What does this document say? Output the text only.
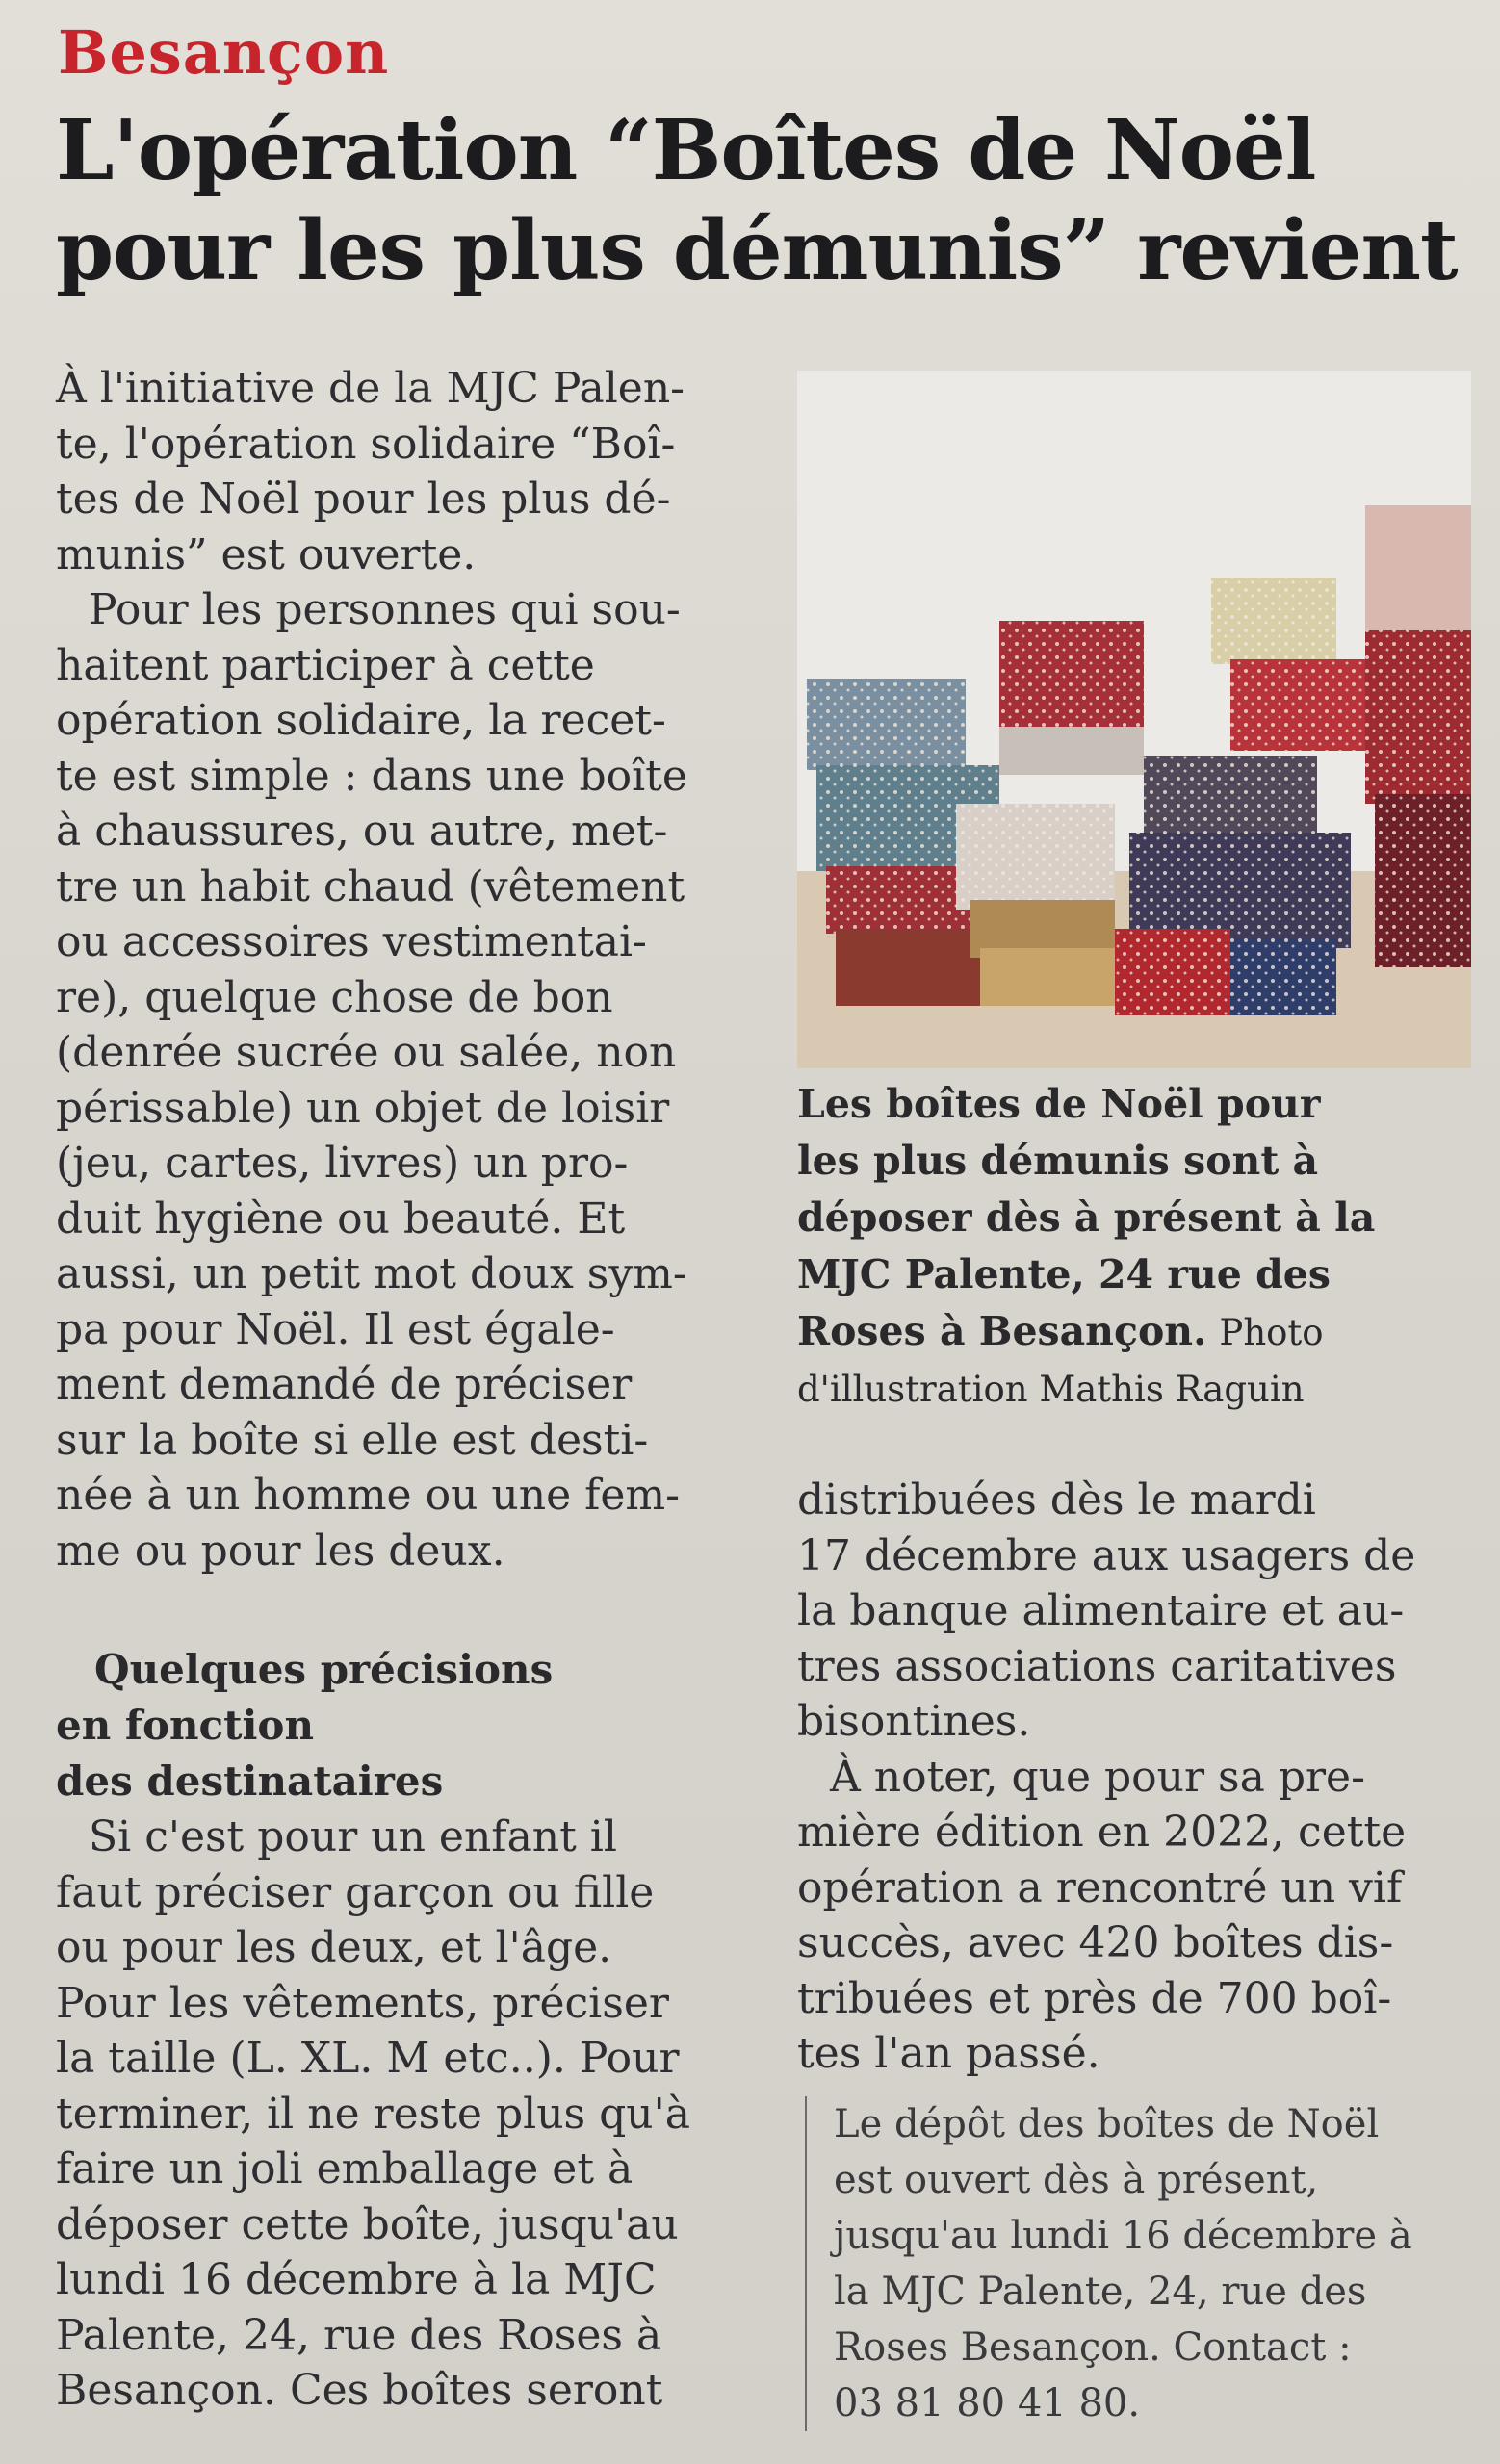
Besançon
L'opération “Boîtes de Noël
pour les plus démunis” revient

À l'initiative de la MJC Palen-
te, l'opération solidaire “Boî-
tes de Noël pour les plus dé-
munis” est ouverte.

Pour les personnes qui sou-
haitent participer à cette
opération solidaire, la recet-
te est simple : dans une boîte
à chaussures, ou autre, met-
tre un habit chaud (vêtement
ou accessoires vestimentai-
re), quelque chose de bon
(denrée sucrée ou salée, non
périssable) un objet de loisir
(jeu, cartes, livres) un pro-
duit hygiène ou beauté. Et
aussi, un petit mot doux sym-
pa pour Noël. Il est égale-
ment demandé de préciser
sur la boîte si elle est desti-
née à un homme ou une fem-
me ou pour les deux.

Quelques précisions
en fonction
des destinataires

Si c'est pour un enfant il
faut préciser garçon ou fille
ou pour les deux, et l'âge.
Pour les vêtements, préciser
la taille (L. XL. M etc..). Pour
terminer, il ne reste plus qu'à
faire un joli emballage et à
déposer cette boîte, jusqu'au
lundi 16 décembre à la MJC
Palente, 24, rue des Roses à
Besançon. Ces boîtes seront

Les boîtes de Noël pour
les plus démunis sont à
déposer dès à présent à la
MJC Palente, 24 rue des
Roses à Besançon. Photo
d'illustration Mathis Raguin

distribuées dès le mardi
17 décembre aux usagers de
la banque alimentaire et au-
tres associations caritatives
bisontines.

À noter, que pour sa pre-
mière édition en 2022, cette
opération a rencontré un vif
succès, avec 420 boîtes dis-
tribuées et près de 700 boî-
tes l'an passé.

Le dépôt des boîtes de Noël
est ouvert dès à présent,
jusqu'au lundi 16 décembre à
la MJC Palente, 24, rue des
Roses Besançon. Contact :
03 81 80 41 80.
